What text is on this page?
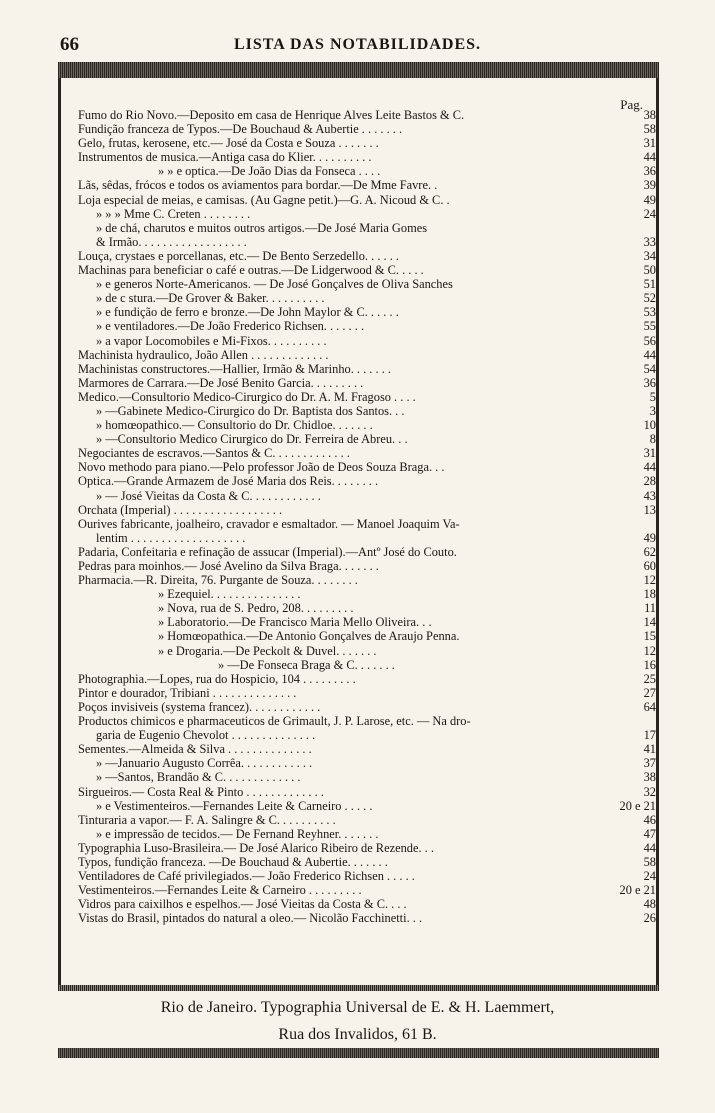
66	LISTA DAS NOTABILIDADES.
Pag.
Fumo do Rio Novo.—Deposito em casa de Henrique Alves Leite Bastos & C.	38
Fundição franceza de Typos.—De Bouchaud & Aubertie . . . . . . .	58
Gelo, frutas, kerosene, etc.— José da Costa e Souza . . . . . . .	31
Instrumentos de musica.—Antiga casa do Klier. . . . . . . . . .	44
» » e optica.—De João Dias da Fonseca . . . .	36
Lãs, sêdas, frócos e todos os aviamentos para bordar.—De Mme Favre. .	39
Loja especial de meias, e camisas. (Au Gagne petit.)—G. A. Nicoud & C. .	49
» » » Mme C. Creten . . . . . . . .	24
» de chá, charutos e muitos outros artigos.—De José Maria Gomes
& Irmão. . . . . . . . . . . . . . . . . .	33
Louça, crystaes e porcellanas, etc.— De Bento Serzedello. . . . . .	34
Machinas para beneficiar o café e outras.—De Lidgerwood & C. . . . .	50
» e generos Norte-Americanos. — De José Gonçalves de Oliva Sanches	51
» de c stura.—De Grover & Baker. . . . . . . . . .	52
» e fundição de ferro e bronze.—De John Maylor & C. . . . . .	53
» e ventiladores.—De João Frederico Richsen. . . . . . .	55
» a vapor Locomobiles e Mi-Fixos. . . . . . . . . .	56
Machinista hydraulico, João Allen . . . . . . . . . . . . .	44
Machinistas constructores.—Hallier, Irmão & Marinho. . . . . . .	54
Marmores de Carrara.—De José Benito Garcia. . . . . . . . .	36
Medico.—Consultorio Medico-Cirurgico do Dr. A. M. Fragoso . . . .	5
» —Gabinete Medico-Cirurgico do Dr. Baptista dos Santos. . .	3
» homœopathico.— Consultorio do Dr. Chidloe. . . . . . .	10
» —Consultorio Medico Cirurgico do Dr. Ferreira de Abreu. . .	8
Negociantes de escravos.—Santos & C. . . . . . . . . . . . .	31
Novo methodo para piano.—Pelo professor João de Deos Souza Braga. . .	44
Optica.—Grande Armazem de José Maria dos Reis. . . . . . . .	28
» — José Vieitas da Costa & C. . . . . . . . . . . .	43
Orchata (Imperial) . . . . . . . . . . . . . . . . . .	13
Ourives fabricante, joalheiro, cravador e esmaltador. — Manoel Joaquim Va-
lentim . . . . . . . . . . . . . . . . . . .	49
Padaria, Confeitaria e refinação de assucar (Imperial).—Antº José do Couto.	62
Pedras para moinhos.— José Avelino da Silva Braga. . . . . . .	60
Pharmacia.—R. Direita, 76. Purgante de Souza. . . . . . . .	12
» Ezequiel. . . . . . . . . . . . . . .	18
» Nova, rua de S. Pedro, 208. . . . . . . . .	11
» Laboratorio.—De Francisco Maria Mello Oliveira. . .	14
» Homœopathica.—De Antonio Gonçalves de Araujo Penna.	15
» e Drogaria.—De Peckolt & Duvel. . . . . . .	12
» —De Fonseca Braga & C. . . . . . .	16
Photographia.—Lopes, rua do Hospicio, 104 . . . . . . . . .	25
Pintor e dourador, Tribiani . . . . . . . . . . . . . .	27
Poços invisiveis (systema francez). . . . . . . . . . . .	64
Productos chimicos e pharmaceuticos de Grimault, J. P. Larose, etc. — Na dro-
garia de Eugenio Chevolot . . . . . . . . . . . . . .	17
Sementes.—Almeida & Silva . . . . . . . . . . . . . .	41
» —Januario Augusto Corrêa. . . . . . . . . . . .	37
» —Santos, Brandão & C. . . . . . . . . . . . .	38
Sirgueiros.— Costa Real & Pinto . . . . . . . . . . . . .	32
» e Vestimenteiros.—Fernandes Leite & Carneiro . . . . .	20 e 21
Tinturaria a vapor.— F. A. Salingre & C. . . . . . . . . .	46
» e impressão de tecidos.— De Fernand Reyhner. . . . . . .	47
Typographia Luso-Brasileira.— De José Alarico Ribeiro de Rezende. . .	44
Typos, fundição franceza. —De Bouchaud & Aubertie. . . . . . .	58
Ventiladores de Café privilegiados.— João Frederico Richsen . . . . .	24
Vestimenteiros.—Fernandes Leite & Carneiro . . . . . . . . .	20 e 21
Vidros para caixilhos e espelhos.— José Vieitas da Costa & C. . . .	48
Vistas do Brasil, pintados do natural a oleo.— Nicolão Facchinetti. . .	26
Rio de Janeiro. Typographia Universal de E. & H. Laemmert,
Rua dos Invalidos, 61 B.
